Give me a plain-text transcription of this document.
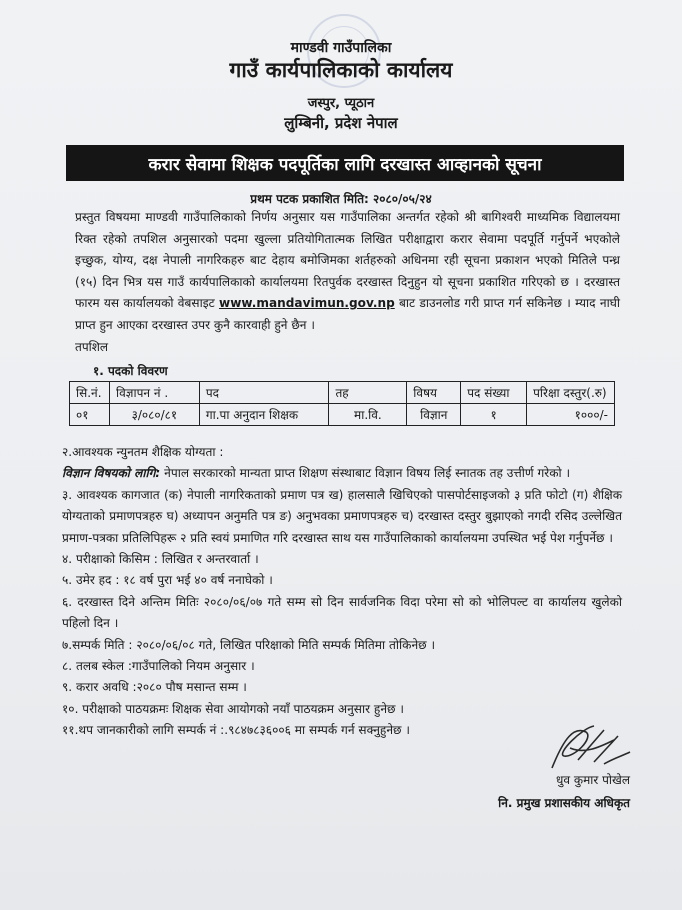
माण्डवी गाउँपालिका
गाउँ कार्यपालिकाको कार्यालय
जस्पुर, प्यूठान
लुम्बिनी, प्रदेश नेपाल
करार सेवामा शिक्षक पदपूर्तिका लागि दरखास्त आव्हानको सूचना
प्रथम पटक प्रकाशित मिति: २०८०/०५/२४
प्रस्तुत विषयमा माण्डवी गाउँपालिकाको निर्णय अनुसार यस गाउँपालिका अन्तर्गत रहेको श्री बागिश्वरी माध्यमिक विद्यालयमा रिक्त रहेको तपशिल अनुसारको पदमा खुल्ला प्रतियोगितात्मक लिखित परीक्षाद्वारा करार सेवामा पदपूर्ति गर्नुपर्ने भएकोले इच्छुक, योग्य, दक्ष नेपाली नागरिकहरु बाट देहाय बमोजिमका शर्तहरुको अधिनमा रही सूचना प्रकाशन भएको मितिले पन्ध्र (१५) दिन भित्र यस गाउँ कार्यपालिकाको कार्यालयमा रितपुर्वक दरखास्त दिनुहुन यो सूचना प्रकाशित गरिएको छ । दरखास्त फारम यस कार्यालयको वेबसाइट www.mandavimun.gov.np बाट डाउनलोड गरी प्राप्त गर्न सकिनेछ । म्याद नाघी प्राप्त हुन आएका दरखास्त उपर कुनै कारवाही हुने छैन ।
तपशिल
१. पदको विवरण
सि.नं.	विज्ञापन नं .	पद	तह	विषय	पद संख्या	परिक्षा दस्तुर(.रु)
०१	३/०८०/८१	गा.पा अनुदान शिक्षक	मा.वि.	विज्ञान	१	१०००/-
२.आवश्यक न्युनतम शैक्षिक योग्यता :
विज्ञान विषयको लागि: नेपाल सरकारको मान्यता प्राप्त शिक्षण संस्थाबाट विज्ञान विषय लिई स्नातक तह उत्तीर्ण गरेको ।
३. आवश्यक कागजात (क) नेपाली नागरिकताको प्रमाण पत्र ख) हालसालै खिचिएको पासपोर्टसाइजको ३ प्रति फोटो (ग) शैक्षिक योग्यताको प्रमाणपत्रहरु घ) अध्यापन अनुमति पत्र ङ) अनुभवका प्रमाणपत्रहरु च) दरखास्त दस्तुर बुझाएको नगदी रसिद उल्लेखित प्रमाण-पत्रका प्रतिलिपिहरू २ प्रति स्वयं प्रमाणित गरि दरखास्त साथ यस गाउँपालिकाको कार्यालयमा उपस्थित भई पेश गर्नुपर्नेछ ।
४. परीक्षाको किसिम : लिखित र अन्तरवार्ता ।
५. उमेर हद : १८ वर्ष पुरा भई ४० वर्ष ननाघेको ।
६. दरखास्त दिने अन्तिम मितिः २०८०/०६/०७ गते सम्म सो दिन सार्वजनिक विदा परेमा सो को भोलिपल्ट वा कार्यालय खुलेको पहिलो दिन ।
७.सम्पर्क मिति : २०८०/०६/०८ गते, लिखित परिक्षाको मिति सम्पर्क मितिमा तोकिनेछ ।
८. तलब स्केल :गाउँपालिको नियम अनुसार ।
९. करार अवधि :२०८० पौष मसान्त सम्म ।
१०. परीक्षाको पाठयक्रमः शिक्षक सेवा आयोगको नयाँ पाठयक्रम अनुसार हुनेछ ।
११.थप जानकारीको लागि सम्पर्क नं :.९८४७८३६००६ मा सम्पर्क गर्न सक्नुहुनेछ ।
धुव कुमार पोखेल
नि. प्रमुख प्रशासकीय अधिकृत
